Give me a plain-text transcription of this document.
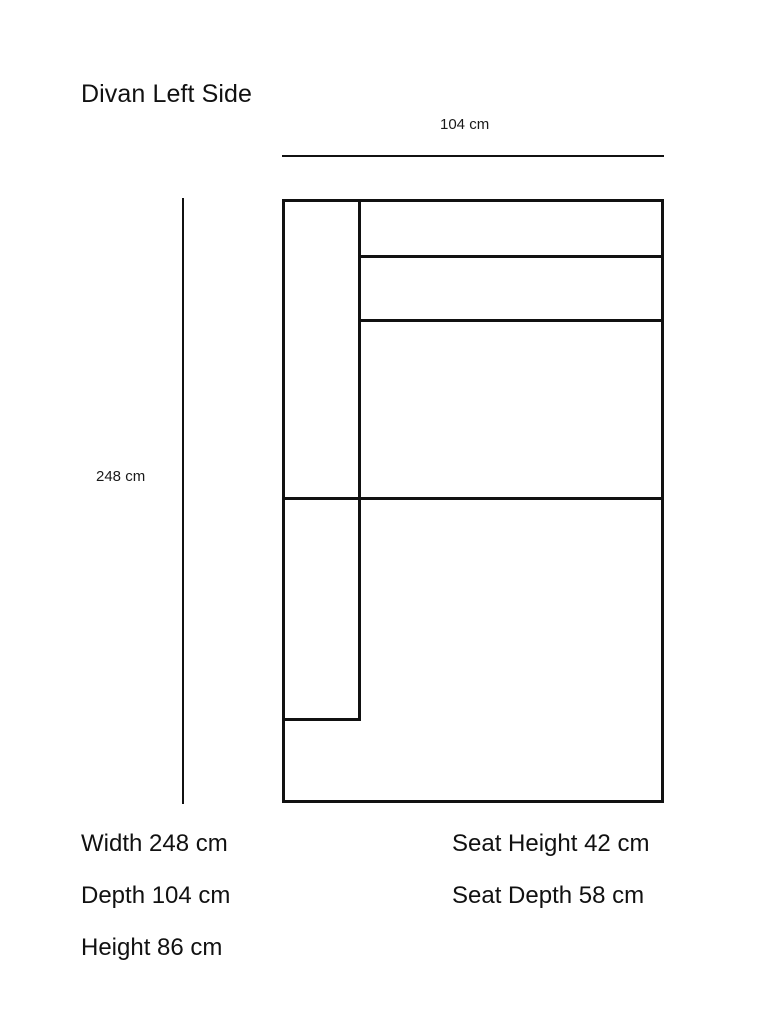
Divan Left Side
104 cm
248 cm
Width 248 cm
Depth 104 cm
Height 86 cm
Seat Height 42 cm
Seat Depth 58 cm
